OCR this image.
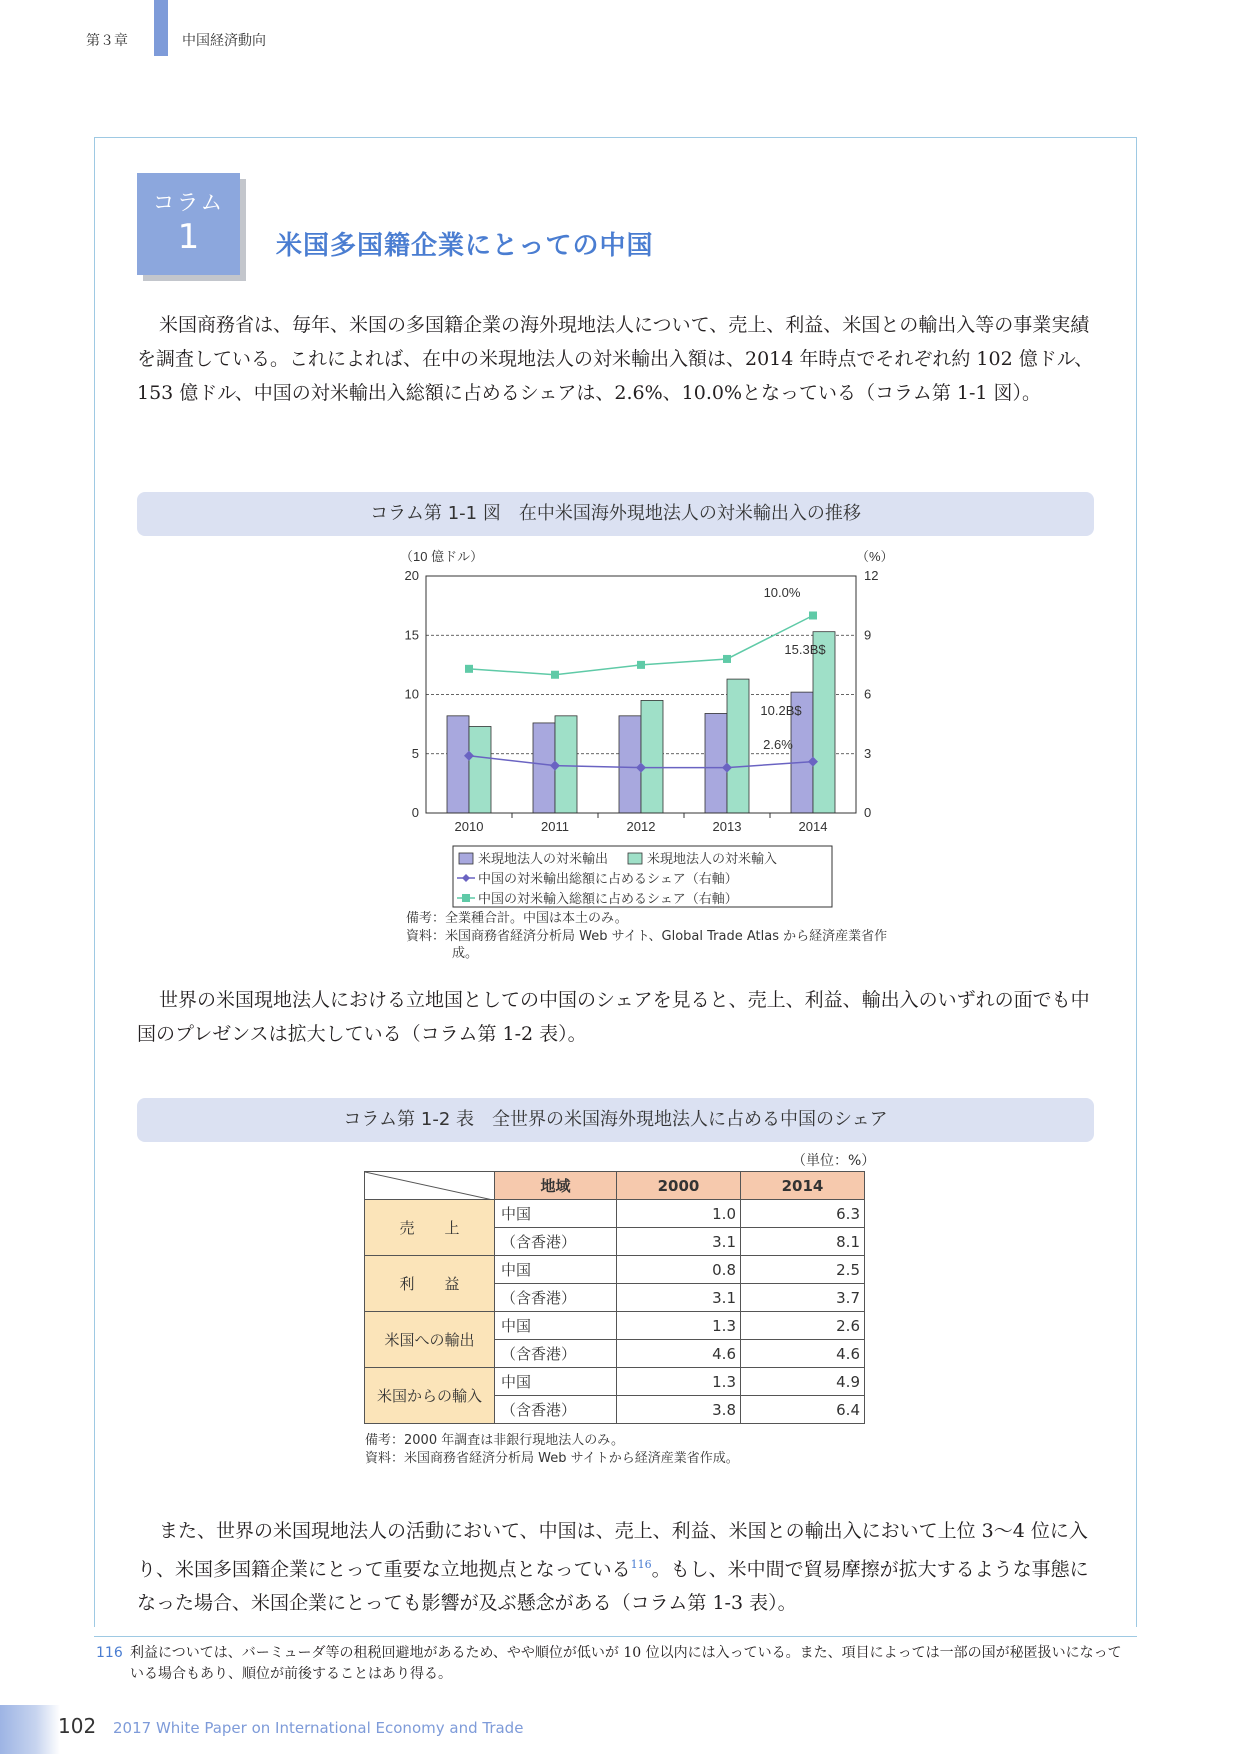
第３章	中国経済動向
コラム
1	米国多国籍企業にとっての中国

米国商務省は、毎年、米国の多国籍企業の海外現地法人について、売上、利益、米国との輸出入等の事業実績を調査している。これによれば、在中の米現地法人の対米輸出入額は、2014 年時点でそれぞれ約 102 億ドル、153 億ドル、中国の対米輸出入総額に占めるシェアは、2.6%、10.0%となっている（コラム第 1-1 図）。

コラム第 1-1 図　在中米国海外現地法人の対米輸出入の推移
（10 億ドル）	（%）
0
5
10
15
20
0
3
6
9
12
2010	2011	2012	2013	2014
10.0%
15.3B$
10.2B$
2.6%
米現地法人の対米輸出	米現地法人の対米輸入
中国の対米輸出総額に占めるシェア（右軸）
中国の対米輸入総額に占めるシェア（右軸）
備考：全業種合計。中国は本土のみ。
資料：米国商務省経済分析局 Web サイト、Global Trade Atlas から経済産業省作成。

世界の米国現地法人における立地国としての中国のシェアを見ると、売上、利益、輸出入のいずれの面でも中国のプレゼンスは拡大している（コラム第 1-2 表）。

コラム第 1-2 表　全世界の米国海外現地法人に占める中国のシェア
（単位：%）
	地域	2000	2014
売　　上	中国	1.0	6.3
	（含香港）	3.1	8.1
利　　益	中国	0.8	2.5
	（含香港）	3.1	3.7
米国への輸出	中国	1.3	2.6
	（含香港）	4.6	4.6
米国からの輸入	中国	1.3	4.9
	（含香港）	3.8	6.4
備考：2000 年調査は非銀行現地法人のみ。
資料：米国商務省経済分析局 Web サイトから経済産業省作成。

また、世界の米国現地法人の活動において、中国は、売上、利益、米国との輸出入において上位 3〜4 位に入り、米国多国籍企業にとって重要な立地拠点となっている$^{116}$。もし、米中間で貿易摩擦が拡大するような事態になった場合、米国企業にとっても影響が及ぶ懸念がある（コラム第 1-3 表）。

116 利益については、バーミューダ等の租税回避地があるため、やや順位が低いが 10 位以内には入っている。また、項目によっては一部の国が秘匿扱いになっている場合もあり、順位が前後することはあり得る。
102 2017 White Paper on International Economy and Trade
